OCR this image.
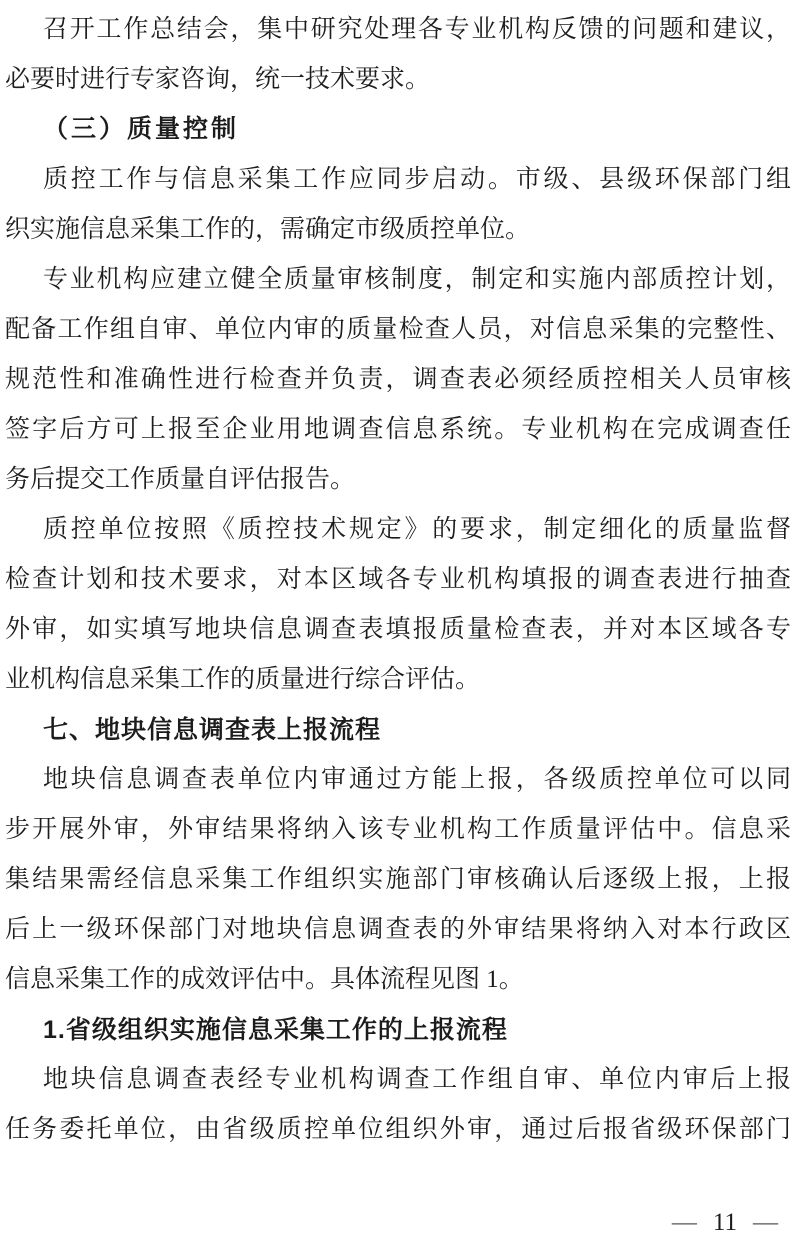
召开工作总结会，集中研究处理各专业机构反馈的问题和建议，
必要时进行专家咨询，统一技术要求。
（三）质量控制
质控工作与信息采集工作应同步启动。市级、县级环保部门组
织实施信息采集工作的，需确定市级质控单位。
专业机构应建立健全质量审核制度，制定和实施内部质控计划，
配备工作组自审、单位内审的质量检查人员，对信息采集的完整性、
规范性和准确性进行检查并负责，调查表必须经质控相关人员审核
签字后方可上报至企业用地调查信息系统。专业机构在完成调查任
务后提交工作质量自评估报告。
质控单位按照《质控技术规定》的要求，制定细化的质量监督
检查计划和技术要求，对本区域各专业机构填报的调查表进行抽查
外审，如实填写地块信息调查表填报质量检查表，并对本区域各专
业机构信息采集工作的质量进行综合评估。
七、地块信息调查表上报流程
地块信息调查表单位内审通过方能上报，各级质控单位可以同
步开展外审，外审结果将纳入该专业机构工作质量评估中。信息采
集结果需经信息采集工作组织实施部门审核确认后逐级上报，上报
后上一级环保部门对地块信息调查表的外审结果将纳入对本行政区
信息采集工作的成效评估中。具体流程见图 1。
1.省级组织实施信息采集工作的上报流程
地块信息调查表经专业机构调查工作组自审、单位内审后上报
任务委托单位，由省级质控单位组织外审，通过后报省级环保部门
— 11 —
